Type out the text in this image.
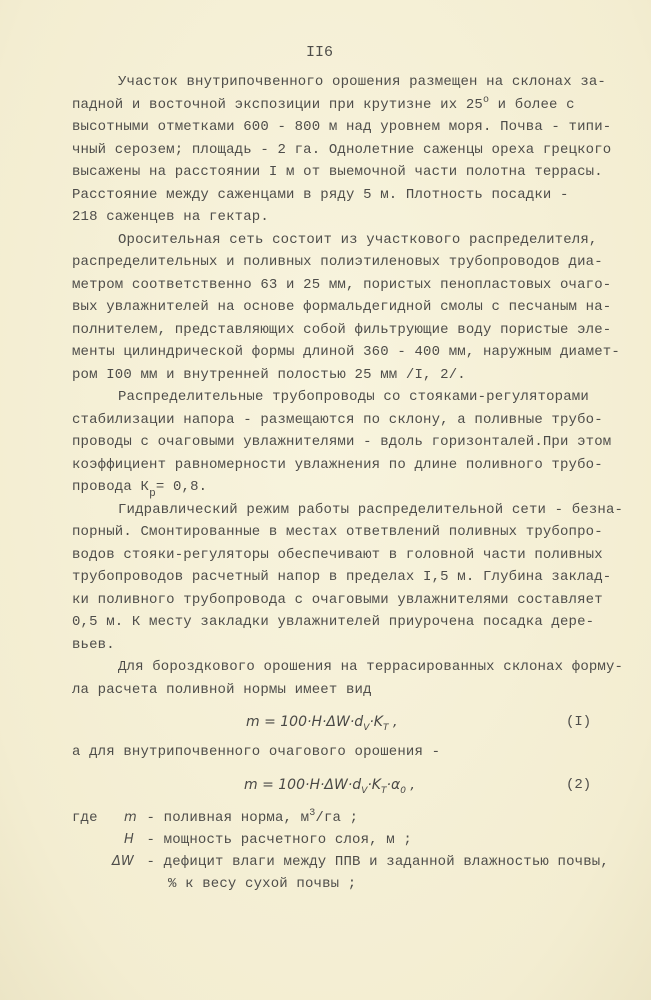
II6
Участок внутрипочвенного орошения размещен на склонах за-
падной и восточной экспозиции при крутизне их 25$^o$ и более с
высотными отметками 600 - 800 м над уровнем моря. Почва - типи-
чный серозем; площадь - 2 га. Однолетние саженцы ореха грецкого
высажены на расстоянии I м от выемочной части полотна террасы.
Расстояние между саженцами в ряду 5 м. Плотность посадки -
218 саженцев на гектар.
Оросительная сеть состоит из участкового распределителя,
распределительных и поливных полиэтиленовых трубопроводов диа-
метром соответственно 63 и 25 мм, пористых пенопластовых очаго-
вых увлажнителей на основе формальдегидной смолы с песчаным на-
полнителем, представляющих собой фильтрующие воду пористые эле-
менты цилиндрической формы длиной 360 - 400 мм, наружным диамет-
ром I00 мм и внутренней полостью 25 мм /I, 2/.
Распределительные трубопроводы со стояками-регуляторами
стабилизации напора - размещаются по склону, а поливные трубо-
проводы с очаговыми увлажнителями - вдоль горизонталей.При этом
коэффициент равномерности увлажнения по длине поливного трубо-
провода $К_р= 0,8$.
Гидравлический режим работы распределительной сети - безна-
порный. Смонтированные в местах ответвлений поливных трубопро-
водов стояки-регуляторы обеспечивают в головной части поливных
трубопроводов расчетный напор в пределах I,5 м. Глубина заклад-
ки поливного трубопровода с очаговыми увлажнителями составляет
0,5 м. К месту закладки увлажнителей приурочена посадка дере-
вьев.
Для бороздкового орошения на террасированных склонах форму-
ла расчета поливной нормы имеет вид
$m = 100\cdot H\cdot\Delta W\cdot d_V\cdot K_T$ ,	(I)
а для внутрипочвенного очагового орошения -
$m = 100\cdot H\cdot\Delta W\cdot d_V\cdot K_T\cdot\alpha_0$ ,	(2)
где m - поливная норма, $м^3/га$ ;
H - мощность расчетного слоя, м ;
ΔW - дефицит влаги между ППВ и заданной влажностью почвы,
% к весу сухой почвы ;
